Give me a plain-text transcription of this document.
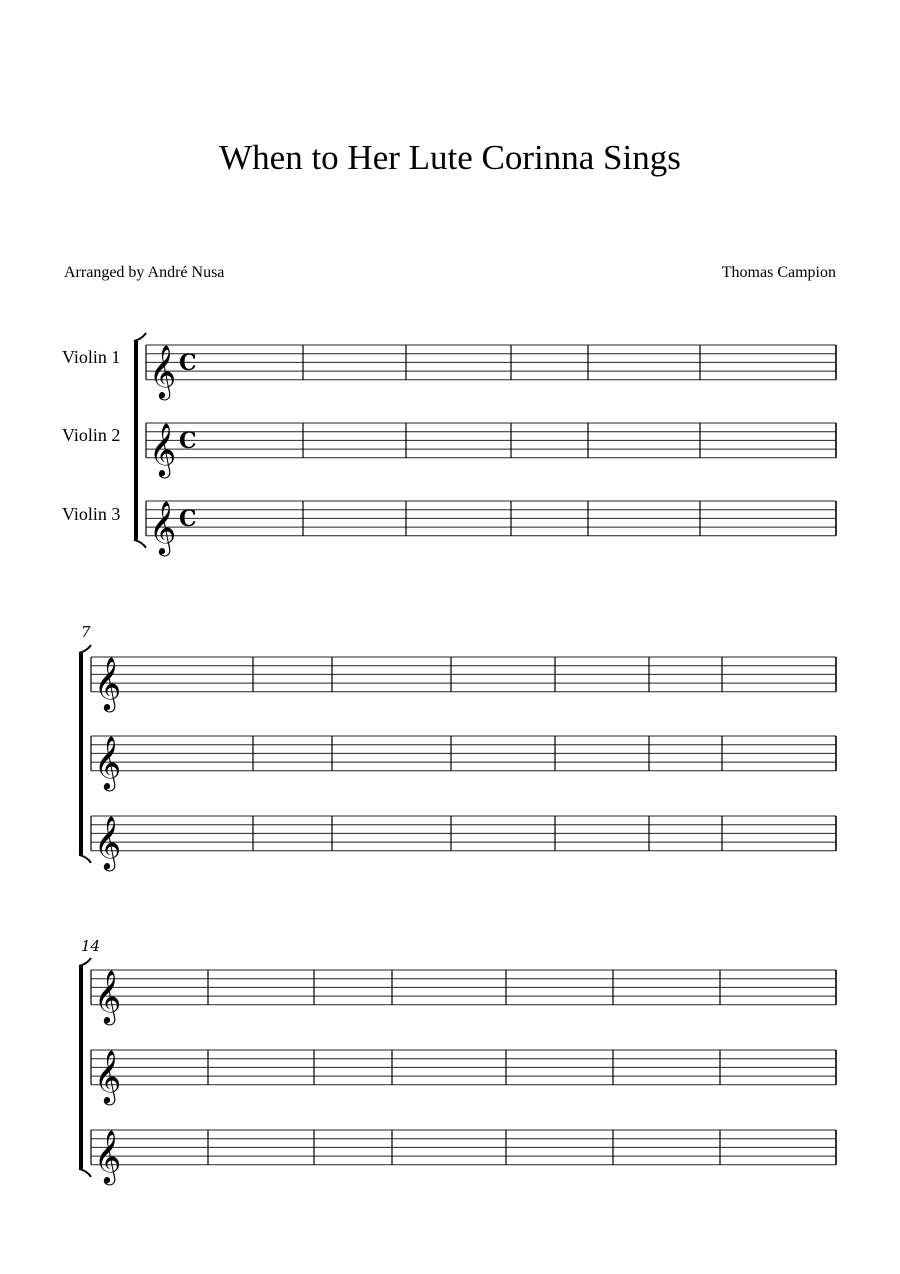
When to Her Lute Corinna Sings
Arranged by André Nusa	Thomas Campion
Violin 1
Violin 2
Violin 3
𝄞 C
𝄞 C
𝄞 C
7
𝄞
𝄞
𝄞
14
𝄞
𝄞
𝄞
